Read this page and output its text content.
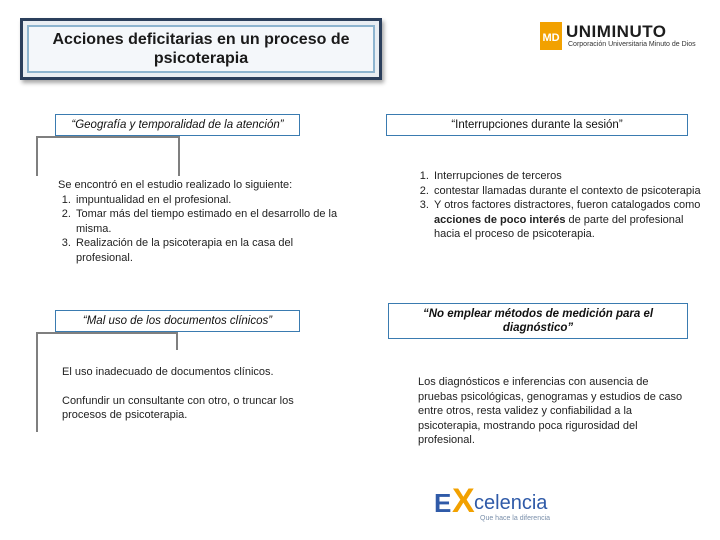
Acciones deficitarias en un proceso de psicoterapia
MD UNIMINUTO
Corporación Universitaria Minuto de Dios
“Geografía y temporalidad de la atención”

Se encontró en el estudio realizado lo siguiente:

1. impuntualidad en el profesional.
2. Tomar más del tiempo estimado en el desarrollo de la misma.
3. Realización de la psicoterapia en la casa del profesional.
“Interrupciones durante la sesión”
1. Interrupciones de terceros
2. contestar llamadas durante el contexto de psicoterapia
3. Y otros factores distractores, fueron catalogados como acciones de poco interés de parte del profesional hacia el proceso de psicoterapia.
“Mal uso de los documentos clínicos”

El uso inadecuado de documentos clínicos.

Confundir un consultante con otro, o truncar los procesos de psicoterapia.

“No emplear métodos de medición para el diagnóstico”
Los diagnósticos e inferencias con ausencia de pruebas psicológicas, genogramas y estudios de caso entre otros, resta validez y confiabilidad a la psicoterapia, mostrando poca rigurosidad del profesional.
E X celencia
Que hace la diferencia
